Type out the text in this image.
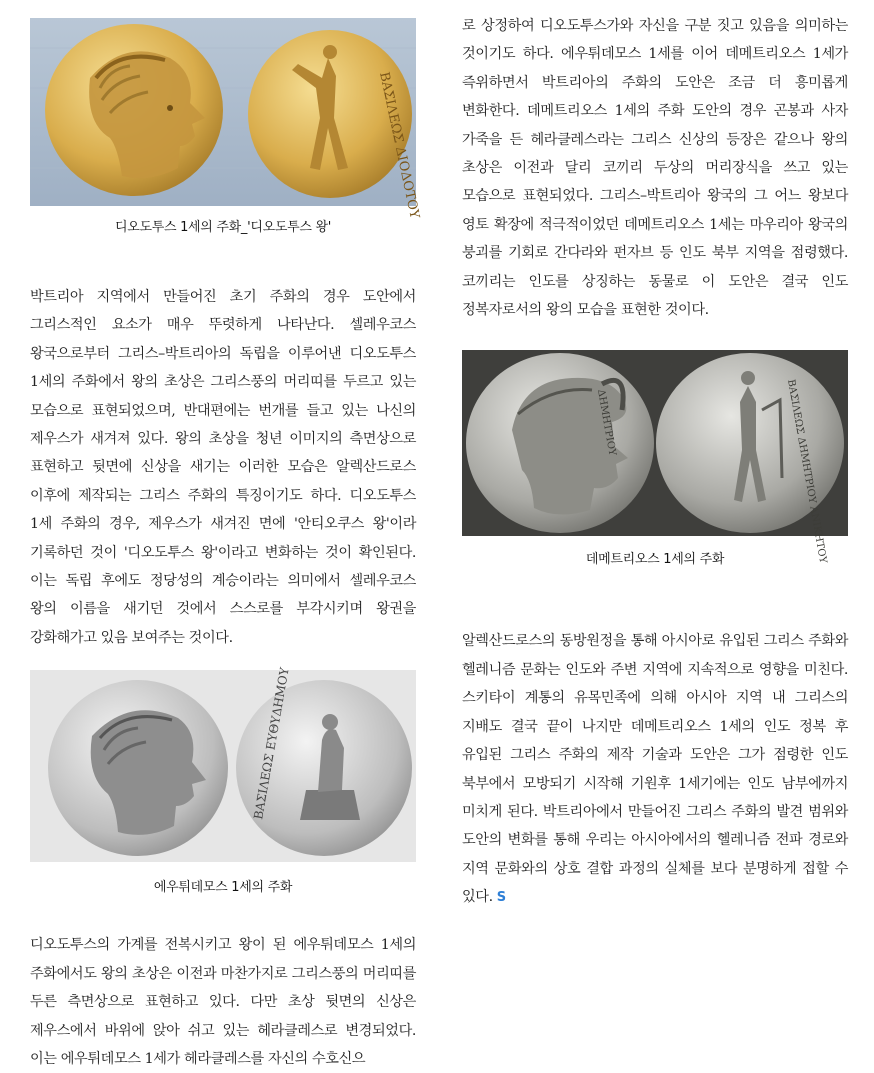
ΒΑΣΙΛΕΩΣ ΔΙΟΔΟΤΟΥ
디오도투스 1세의 주화_'디오도투스 왕'

박트리아 지역에서 만들어진 초기 주화의 경우 도안에서 그리스적인 요소가 매우 뚜렷하게 나타난다. 셀레우코스 왕국으로부터 그리스–박트리아의 독립을 이루어낸 디오도투스 1세의 주화에서 왕의 초상은 그리스풍의 머리띠를 두르고 있는 모습으로 표현되었으며, 반대편에는 번개를 들고 있는 나신의 제우스가 새겨져 있다. 왕의 초상을 청년 이미지의 측면상으로 표현하고 뒷면에 신상을 새기는 이러한 모습은 알렉산드로스 이후에 제작되는 그리스 주화의 특징이기도 하다. 디오도투스 1세 주화의 경우, 제우스가 새겨진 면에 '안티오쿠스 왕'이라 기록하던 것이 '디오도투스 왕'이라고 변화하는 것이 확인된다. 이는 독립 후에도 정당성의 계승이라는 의미에서 셀레우코스 왕의 이름을 새기던 것에서 스스로를 부각시키며 왕권을 강화해가고 있음 보여주는 것이다.

ΒΑΣΙΛΕΩΣ ΕΥΘΥΔΗΜΟΥ
에우튀데모스 1세의 주화

디오도투스의 가계를 전복시키고 왕이 된 에우튀데모스 1세의 주화에서도 왕의 초상은 이전과 마찬가지로 그리스풍의 머리띠를 두른 측면상으로 표현하고 있다. 다만 초상 뒷면의 신상은 제우스에서 바위에 앉아 쉬고 있는 헤라클레스로 변경되었다. 이는 에우튀데모스 1세가 헤라클레스를 자신의 수호신으

로 상정하여 디오도투스가와 자신을 구분 짓고 있음을 의미하는 것이기도 하다. 에우튀데모스 1세를 이어 데메트리오스 1세가 즉위하면서 박트리아의 주화의 도안은 조금 더 흥미롭게 변화한다. 데메트리오스 1세의 주화 도안의 경우 곤봉과 사자 가죽을 든 헤라클레스라는 그리스 신상의 등장은 같으나 왕의 초상은 이전과 달리 코끼리 두상의 머리장식을 쓰고 있는 모습으로 표현되었다. 그리스–박트리아 왕국의 그 어느 왕보다 영토 확장에 적극적이었던 데메트리오스 1세는 마우리아 왕국의 붕괴를 기회로 간다라와 펀자브 등 인도 북부 지역을 점령했다. 코끼리는 인도를 상징하는 동물로 이 도안은 결국 인도 정복자로서의 왕의 모습을 표현한 것이다.

ΔΗΜΗΤΡΙΟΥ	ΒΑΣΙΛΕΩΣ ΔΗΜΗΤΡΙΟΥ ΑΝΙΚΗΤΟΥ
데메트리오스 1세의 주화

알렉산드로스의 동방원정을 통해 아시아로 유입된 그리스 주화와 헬레니즘 문화는 인도와 주변 지역에 지속적으로 영향을 미친다. 스키타이 계통의 유목민족에 의해 아시아 지역 내 그리스의 지배도 결국 끝이 나지만 데메트리오스 1세의 인도 정복 후 유입된 그리스 주화의 제작 기술과 도안은 그가 점령한 인도 북부에서 모방되기 시작해 기원후 1세기에는 인도 남부에까지 미치게 된다. 박트리아에서 만들어진 그리스 주화의 발견 범위와 도안의 변화를 통해 우리는 아시아에서의 헬레니즘 전파 경로와 지역 문화와의 상호 결합 과정의 실체를 보다 분명하게 접할 수 있다. S
